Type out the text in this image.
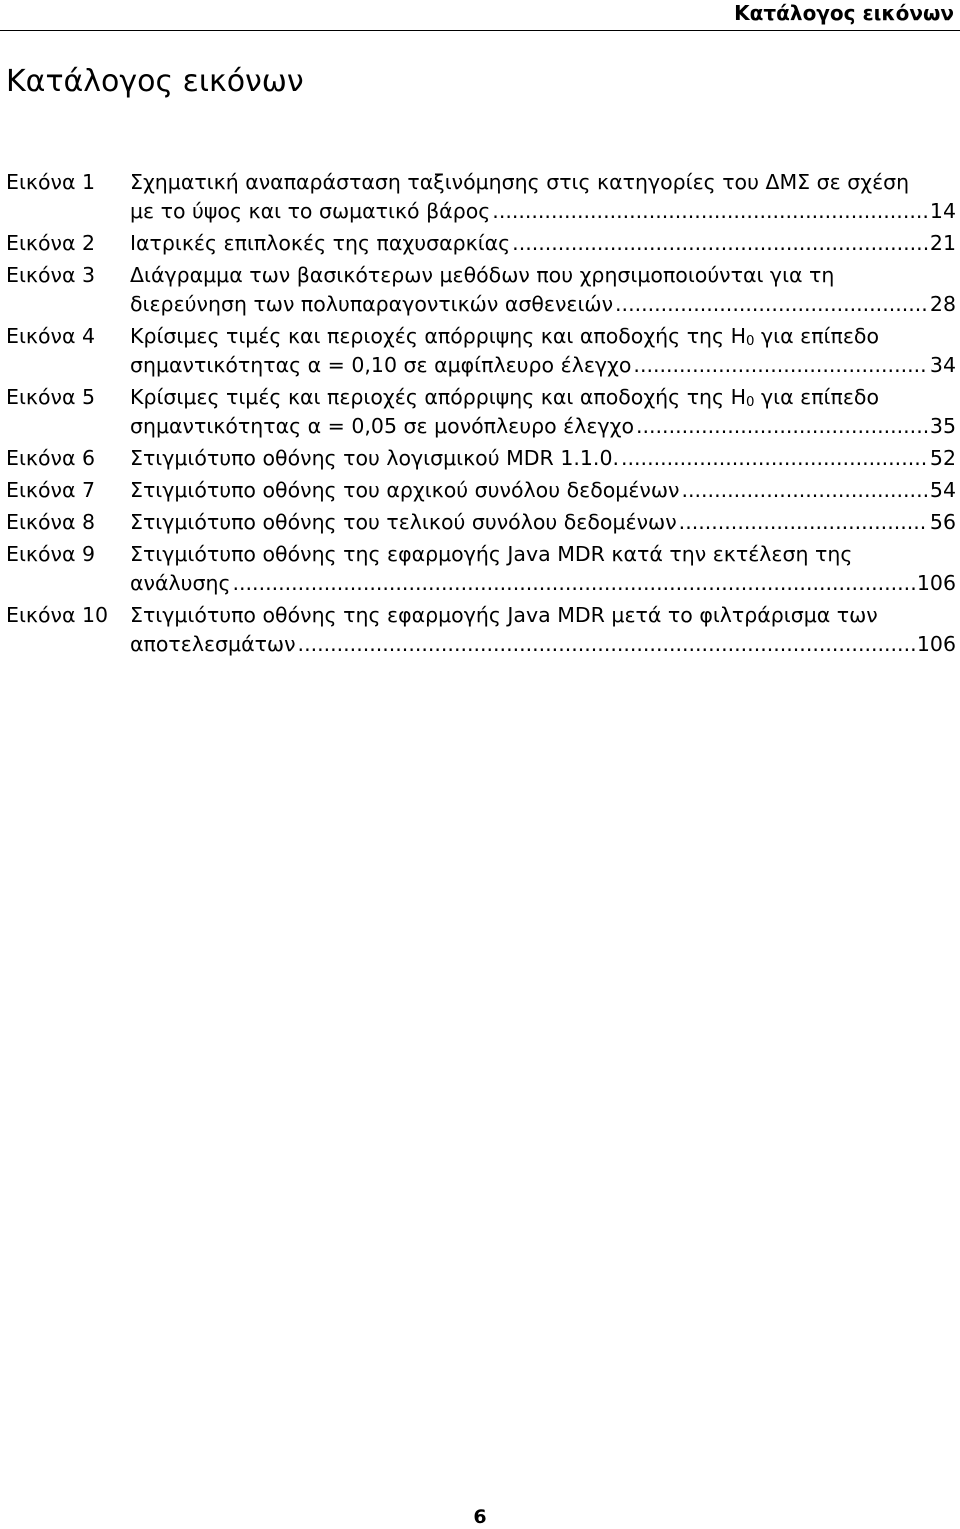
Κατάλογος εικόνων
Κατάλογος εικόνων
Εικόνα 1 Σχηματική αναπαράσταση ταξινόμησης στις κατηγορίες του ΔΜΣ σε σχέση
με το ύψος και το σωματικό βάρος .....	14
Εικόνα 2 Ιατρικές επιπλοκές της παχυσαρκίας .....	21
Εικόνα 3 Διάγραμμα των βασικότερων μεθόδων που χρησιμοποιούνται για τη
διερεύνηση των πολυπαραγοντικών ασθενειών .....	28
Εικόνα 4 Κρίσιμες τιμές και περιοχές απόρριψης και αποδοχής της $H_0$ για επίπεδο
σημαντικότητας α = 0,10 σε αμφίπλευρο έλεγχο .....	34
Εικόνα 5 Κρίσιμες τιμές και περιοχές απόρριψης και αποδοχής της $H_0$ για επίπεδο
σημαντικότητας α = 0,05 σε μονόπλευρο έλεγχο .....	35
Εικόνα 6 Στιγμιότυπο οθόνης του λογισμικού MDR 1.1.0. .....	52
Εικόνα 7 Στιγμιότυπο οθόνης του αρχικού συνόλου δεδομένων .....	54
Εικόνα 8 Στιγμιότυπο οθόνης του τελικού συνόλου δεδομένων .....	56
Εικόνα 9 Στιγμιότυπο οθόνης της εφαρμογής Java MDR κατά την εκτέλεση της
ανάλυσης .....	106
Εικόνα 10 Στιγμιότυπο οθόνης της εφαρμογής Java MDR μετά το φιλτράρισμα των
αποτελεσμάτων .....	106
6
